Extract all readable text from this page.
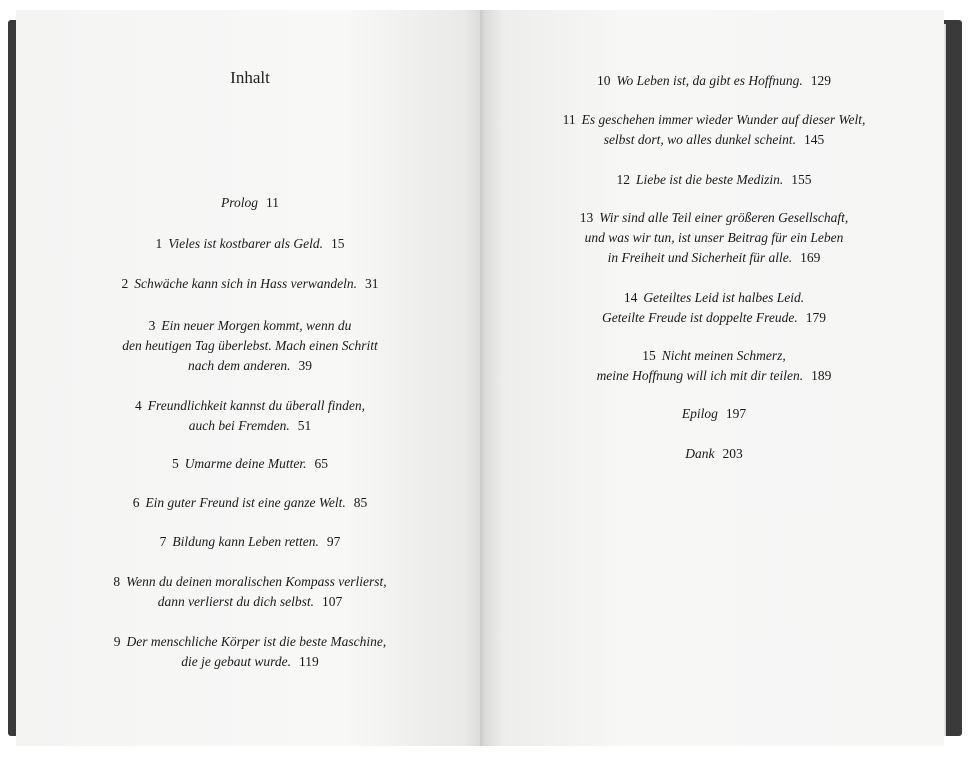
Inhalt
Prolog 11
1 Vieles ist kostbarer als Geld. 15
2 Schwäche kann sich in Hass verwandeln. 31
3 Ein neuer Morgen kommt, wenn du
den heutigen Tag überlebst. Mach einen Schritt
nach dem anderen. 39
4 Freundlichkeit kannst du überall finden,
auch bei Fremden. 51
5 Umarme deine Mutter. 65
6 Ein guter Freund ist eine ganze Welt. 85
7 Bildung kann Leben retten. 97
8 Wenn du deinen moralischen Kompass verlierst,
dann verlierst du dich selbst. 107
9 Der menschliche Körper ist die beste Maschine,
die je gebaut wurde. 119
10 Wo Leben ist, da gibt es Hoffnung. 129
11 Es geschehen immer wieder Wunder auf dieser Welt,
selbst dort, wo alles dunkel scheint. 145
12 Liebe ist die beste Medizin. 155
13 Wir sind alle Teil einer größeren Gesellschaft,
und was wir tun, ist unser Beitrag für ein Leben
in Freiheit und Sicherheit für alle. 169
14 Geteiltes Leid ist halbes Leid.
Geteilte Freude ist doppelte Freude. 179
15 Nicht meinen Schmerz,
meine Hoffnung will ich mit dir teilen. 189
Epilog 197
Dank 203
